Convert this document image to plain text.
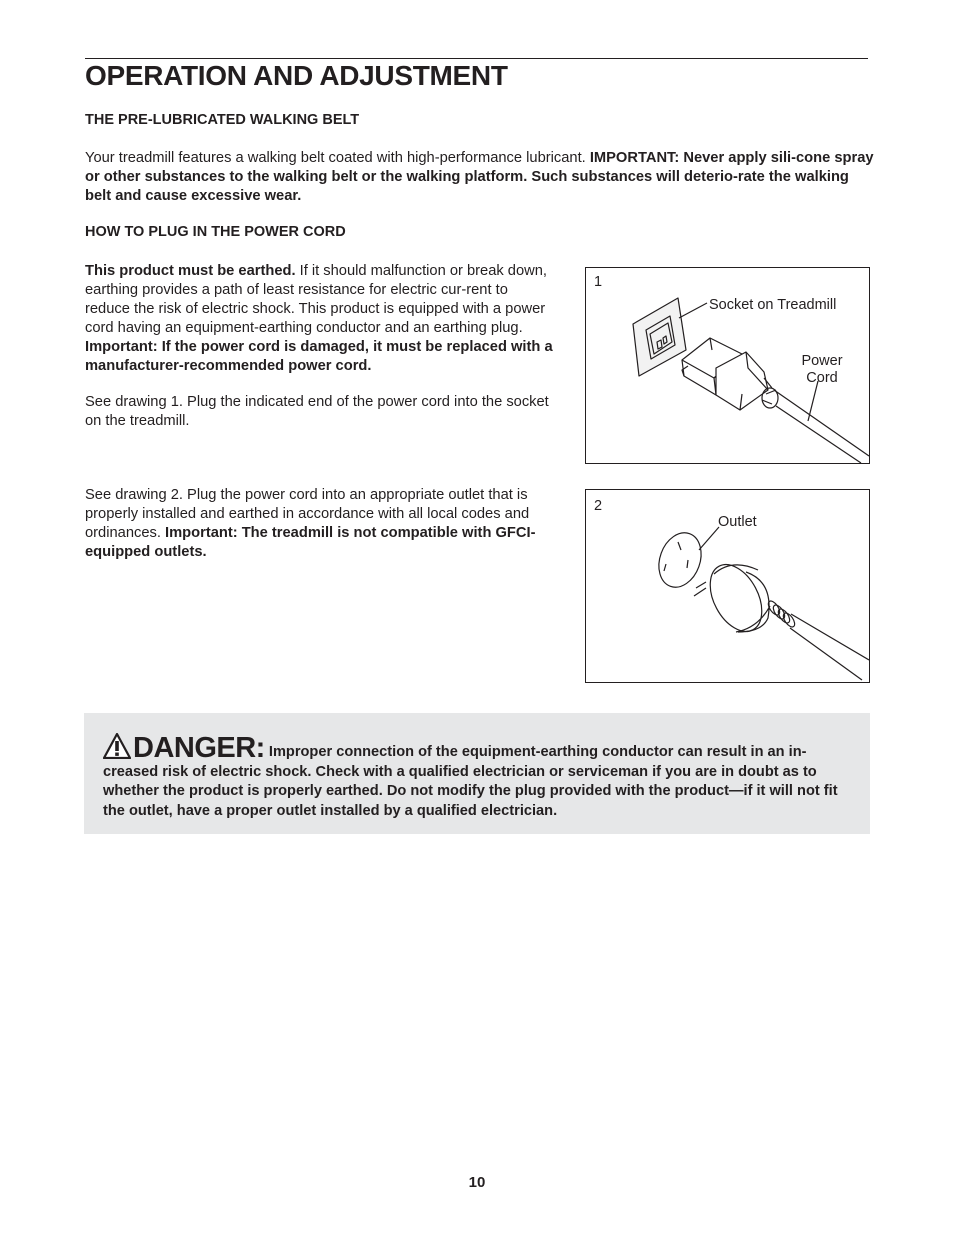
OPERATION AND ADJUSTMENT
THE PRE-LUBRICATED WALKING BELT

Your treadmill features a walking belt coated with high-performance lubricant. IMPORTANT: Never apply sili-cone spray or other substances to the walking belt or the walking platform. Such substances will deterio-rate the walking belt and cause excessive wear.

HOW TO PLUG IN THE POWER CORD

This product must be earthed. If it should malfunction or break down, earthing provides a path of least resistance for electric cur-rent to reduce the risk of electric shock. This product is equipped with a power cord having an equipment-earthing conductor and an earthing plug. Important: If the power cord is damaged, it must be replaced with a manufacturer-recommended power cord.

See drawing 1. Plug the indicated end of the power cord into the socket on the treadmill.

See drawing 2. Plug the power cord into an appropriate outlet that is properly installed and earthed in accordance with all local codes and ordinances. Important: The treadmill is not compatible with GFCI-equipped outlets.

1
Socket on Treadmill
Power
Cord
2
Outlet

DANGER: Improper connection of the equipment-earthing conductor can result in an in-creased risk of electric shock. Check with a qualified electrician or serviceman if you are in doubt as to whether the product is properly earthed. Do not modify the plug provided with the product—if it will not fit the outlet, have a proper outlet installed by a qualified electrician.

10
